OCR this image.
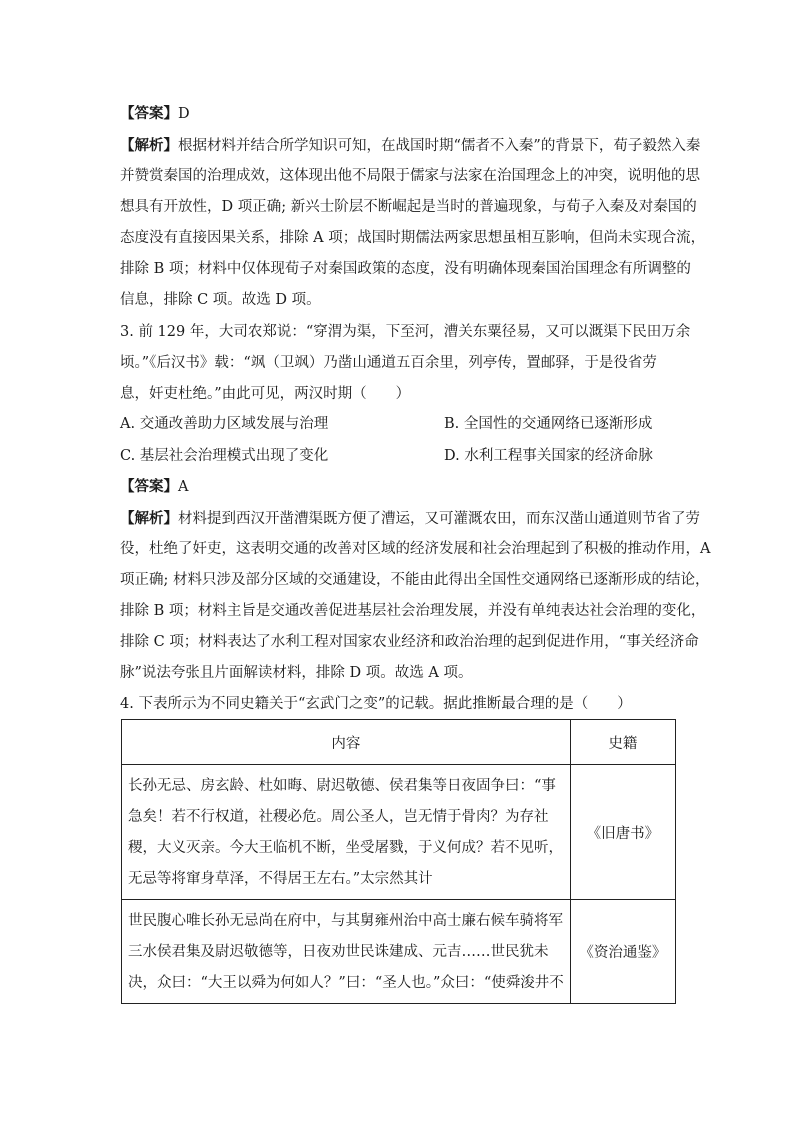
【答案】D
【解析】根据材料并结合所学知识可知，在战国时期“儒者不入秦”的背景下，荀子毅然入秦
并赞赏秦国的治理成效，这体现出他不局限于儒家与法家在治国理念上的冲突，说明他的思
想具有开放性，D 项正确; 新兴士阶层不断崛起是当时的普遍现象，与荀子入秦及对秦国的
态度没有直接因果关系，排除 A 项；战国时期儒法两家思想虽相互影响，但尚未实现合流，
排除 B 项；材料中仅体现荀子对秦国政策的态度，没有明确体现秦国治国理念有所调整的
信息，排除 C 项。故选 D 项。
3. 前 129 年，大司农郑说：“穿渭为渠，下至河，漕关东粟径易，又可以溉渠下民田万余
顷。”《后汉书》载：“飒（卫飒）乃凿山通道五百余里，列亭传，置邮驿，于是役省劳
息，奸吏杜绝。”由此可见，两汉时期（　　）
A. 交通改善助力区域发展与治理	B. 全国性的交通网络已逐渐形成
C. 基层社会治理模式出现了变化	D. 水利工程事关国家的经济命脉
【答案】A
【解析】材料提到西汉开凿漕渠既方便了漕运，又可灌溉农田，而东汉凿山通道则节省了劳
役，杜绝了奸吏，这表明交通的改善对区域的经济发展和社会治理起到了积极的推动作用，A
项正确; 材料只涉及部分区域的交通建设，不能由此得出全国性交通网络已逐渐形成的结论，
排除 B 项；材料主旨是交通改善促进基层社会治理发展，并没有单纯表达社会治理的变化，
排除 C 项；材料表达了水利工程对国家农业经济和政治治理的起到促进作用，“事关经济命
脉”说法夸张且片面解读材料，排除 D 项。故选 A 项。
4. 下表所示为不同史籍关于“玄武门之变”的记载。据此推断最合理的是（　　）
内容	史籍

长孙无忌、房玄龄、杜如晦、尉迟敬德、侯君集等日夜固争曰：“事
急矣！若不行权道，社稷必危。周公圣人，岂无情于骨肉？为存社
稷，大义灭亲。今大王临机不断，坐受屠戮，于义何成？若不见听，
无忌等将窜身草泽，不得居王左右。”太宗然其计	《旧唐书》

世民腹心唯长孙无忌尚在府中，与其舅雍州治中高士廉右候车骑将军
三水侯君集及尉迟敬德等，日夜劝世民诛建成、元吉……世民犹未
决，众曰：“大王以舜为何如人？”曰：“圣人也。”众曰：“使舜浚井不	《资治通鉴》
